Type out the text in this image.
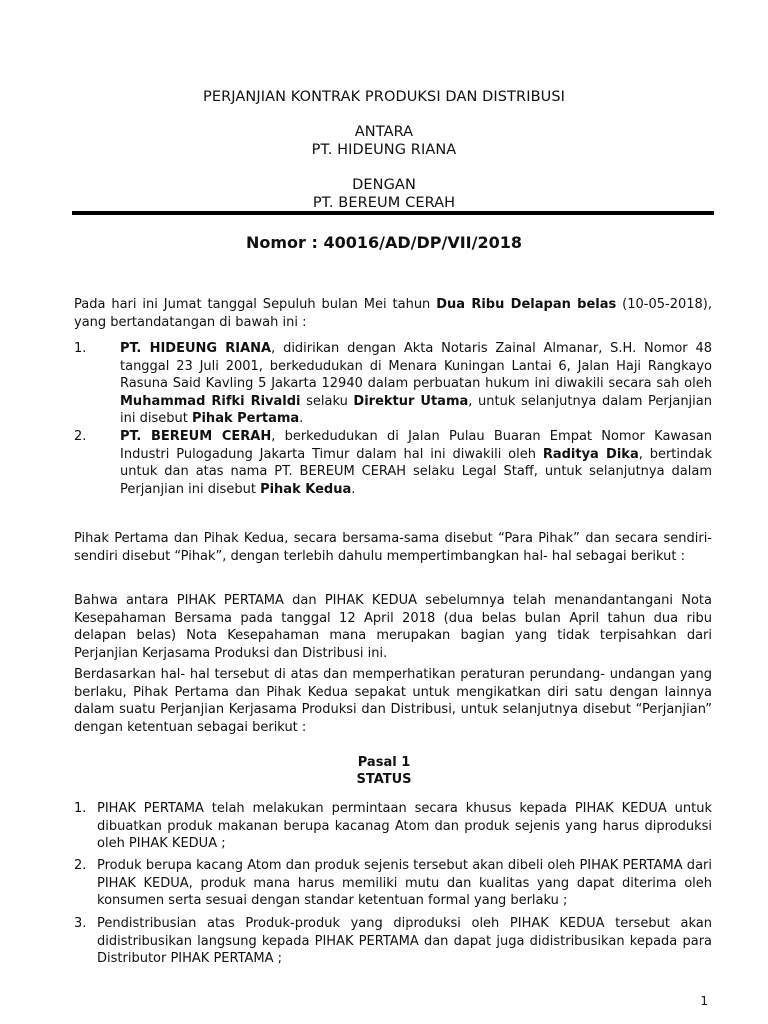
PERJANJIAN KONTRAK PRODUKSI DAN DISTRIBUSI
ANTARA
PT. HIDEUNG RIANA
DENGAN
PT. BEREUM CERAH
Nomor : 40016/AD/DP/VII/2018
Pada hari ini Jumat tanggal Sepuluh bulan Mei tahun Dua Ribu Delapan belas (10-05-2018), yang bertandatangan di bawah ini :
1.	PT. HIDEUNG RIANA, didirikan dengan Akta Notaris Zainal Almanar, S.H. Nomor 48 tanggal 23 Juli 2001, berkedudukan di Menara Kuningan Lantai 6, Jalan Haji Rangkayo Rasuna Said Kavling 5 Jakarta 12940 dalam perbuatan hukum ini diwakili secara sah oleh Muhammad Rifki Rivaldi selaku Direktur Utama, untuk selanjutnya dalam Perjanjian ini disebut Pihak Pertama.
2.	PT. BEREUM CERAH, berkedudukan di Jalan Pulau Buaran Empat Nomor Kawasan Industri Pulogadung Jakarta Timur dalam hal ini diwakili oleh Raditya Dika, bertindak untuk dan atas nama PT. BEREUM CERAH selaku Legal Staff, untuk selanjutnya dalam Perjanjian ini disebut Pihak Kedua.
Pihak Pertama dan Pihak Kedua, secara bersama-sama disebut “Para Pihak” dan secara sendiri-sendiri disebut “Pihak”, dengan terlebih dahulu mempertimbangkan hal- hal sebagai berikut :
Bahwa antara PIHAK PERTAMA dan PIHAK KEDUA sebelumnya telah menandantangani Nota Kesepahaman Bersama pada tanggal 12 April 2018 (dua belas bulan April tahun dua ribu delapan belas) Nota Kesepahaman mana merupakan bagian yang tidak terpisahkan dari Perjanjian Kerjasama Produksi dan Distribusi ini.
Berdasarkan hal- hal tersebut di atas dan memperhatikan peraturan perundang- undangan yang berlaku, Pihak Pertama dan Pihak Kedua sepakat untuk mengikatkan diri satu dengan lainnya dalam suatu Perjanjian Kerjasama Produksi dan Distribusi, untuk selanjutnya disebut “Perjanjian” dengan ketentuan sebagai berikut :
Pasal 1
STATUS
1. PIHAK PERTAMA telah melakukan permintaan secara khusus kepada PIHAK KEDUA untuk dibuatkan produk makanan berupa kacanag Atom dan produk sejenis yang harus diproduksi oleh PIHAK KEDUA ;
2. Produk berupa kacang Atom dan produk sejenis tersebut akan dibeli oleh PIHAK PERTAMA dari PIHAK KEDUA, produk mana harus memiliki mutu dan kualitas yang dapat diterima oleh konsumen serta sesuai dengan standar ketentuan formal yang berlaku ;
3. Pendistribusian atas Produk-produk yang diproduksi oleh PIHAK KEDUA tersebut akan didistribusikan langsung kepada PIHAK PERTAMA dan dapat juga didistribusikan kepada para Distributor PIHAK PERTAMA ;
1
